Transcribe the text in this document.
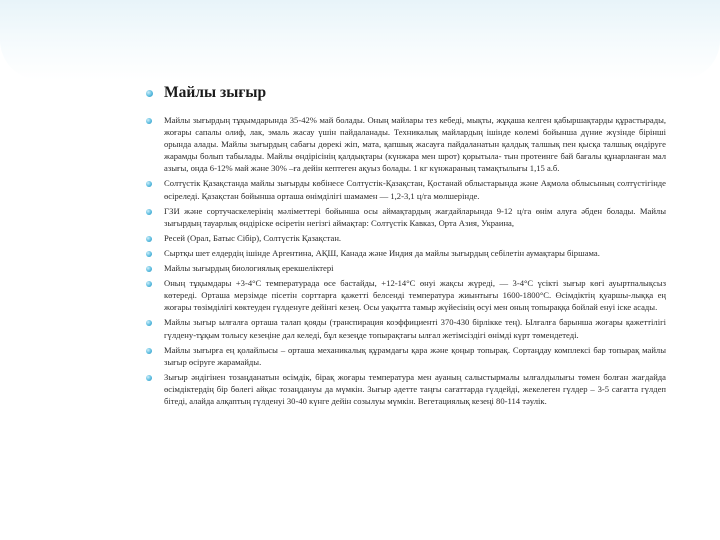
Майлы зығыр
Майлы зығырдың тұқымдарында 35-42% май болады. Оның майлары тез кебеді, мықты, жұқаша келген қабыршақтарды құрастырады, жоғары сапалы олиф, лак, эмаль жасау үшін пайдаланады. Техникалық майлардың ішінде көлемі бойынша дүние жүзінде бірінші орында алады. Майлы зығырдың сабағы дөрекі жіп, мата, қапшық жасауға пайдаланатын қалдық талшық пен қысқа талшық өндіруге жарамды болып табылады. Майлы өндірісінің қалдықтары (күнжара мен шрот) қорытыла- тын протеинге бай бағалы құнарланған мал азығы, онда 6-12% май және 30% –ға дейін кептеген ақуыз болады. 1 кг күнжараның тамақтылығы 1,15 а.б.
Солтүстік Қазақстанда майлы зығырды көбінесе Солтүстік-Қазақстан, Қостанай облыстарында және Ақмола облысының солтүстігінде өсіреледі. Қазақстан бойынша орташа өнімділігі шамамен — 1,2-3,1 ц/га мөлшерінде.
ГЗИ және сортучаскелерінің мәліметтері бойынша осы аймақтардың жағдайларында 9-12 ц/га өнім алуға әбден болады. Майлы зығырдың тауарлық өндіріске өсіретін негізгі аймақтар: Солтүстік Кавказ, Орта Азия, Украина,
Ресей (Орал, Батыс Сібір), Солтүстік Қазақстан.
Сыртқы шет елдердің ішінде Аргентина, АҚШ, Канада және Индия да майлы зығырдың себілетін аумақтары біршама.
Майлы зығырдың биологиялық ерекшеліктері
Оның тұқымдары +3-4°С температурада өсе бастайды, +12-14°С өнуі жақсы жүреді, — 3-4°С үсікті зығыр көгі ауыртпалықсыз көтереді. Орташа мерзімде пісетін сорттарға қажетті белсенді температура жиынтығы 1600-1800°С. Өсімдіктің қуаршы-лыққа ең жоғары төзімділігі көктеуден гүлденуге дейінгі кезең. Осы уақытта тамыр жүйесінің өсуі мен оның топыраққа бойлай енуі іске асады.
Майлы зығыр ылғалға орташа талап қояды (транспирация коэффициенті 370-430 бірлікке тең). Ылғалға барынша жоғары қажеттілігі гүлдену-тұқым толысу кезеңіне дәл келеді, бұл кезеңде топырақтағы ылғал жетімсіздігі өнімді күрт төмендетеді.
Майлы зығырға ең қолайлысы – орташа механикалық құрамдағы қара және қоңыр топырақ. Сортаңдау комплексі бар топырақ майлы зығыр өсіруге жарамайды.
Зығыр әндігінен тозаңданатын өсімдік, бірақ жоғары температура мен ауаның салыстырмалы ылғалдылығы төмен болған жағдайда өсімдіктердің бір бөлегі айқас тозаңдануы да мүмкін. Зығыр әдетте таңғы сағаттарда гүлдейді, жекелеген гүлдер – 3-5 сағатта гүлдеп бітеді, алайда алқаптың гүлденуі 30-40 күнге дейін созылуы мүмкін. Вегетациялық кезеңі 80-114 тәулік.
